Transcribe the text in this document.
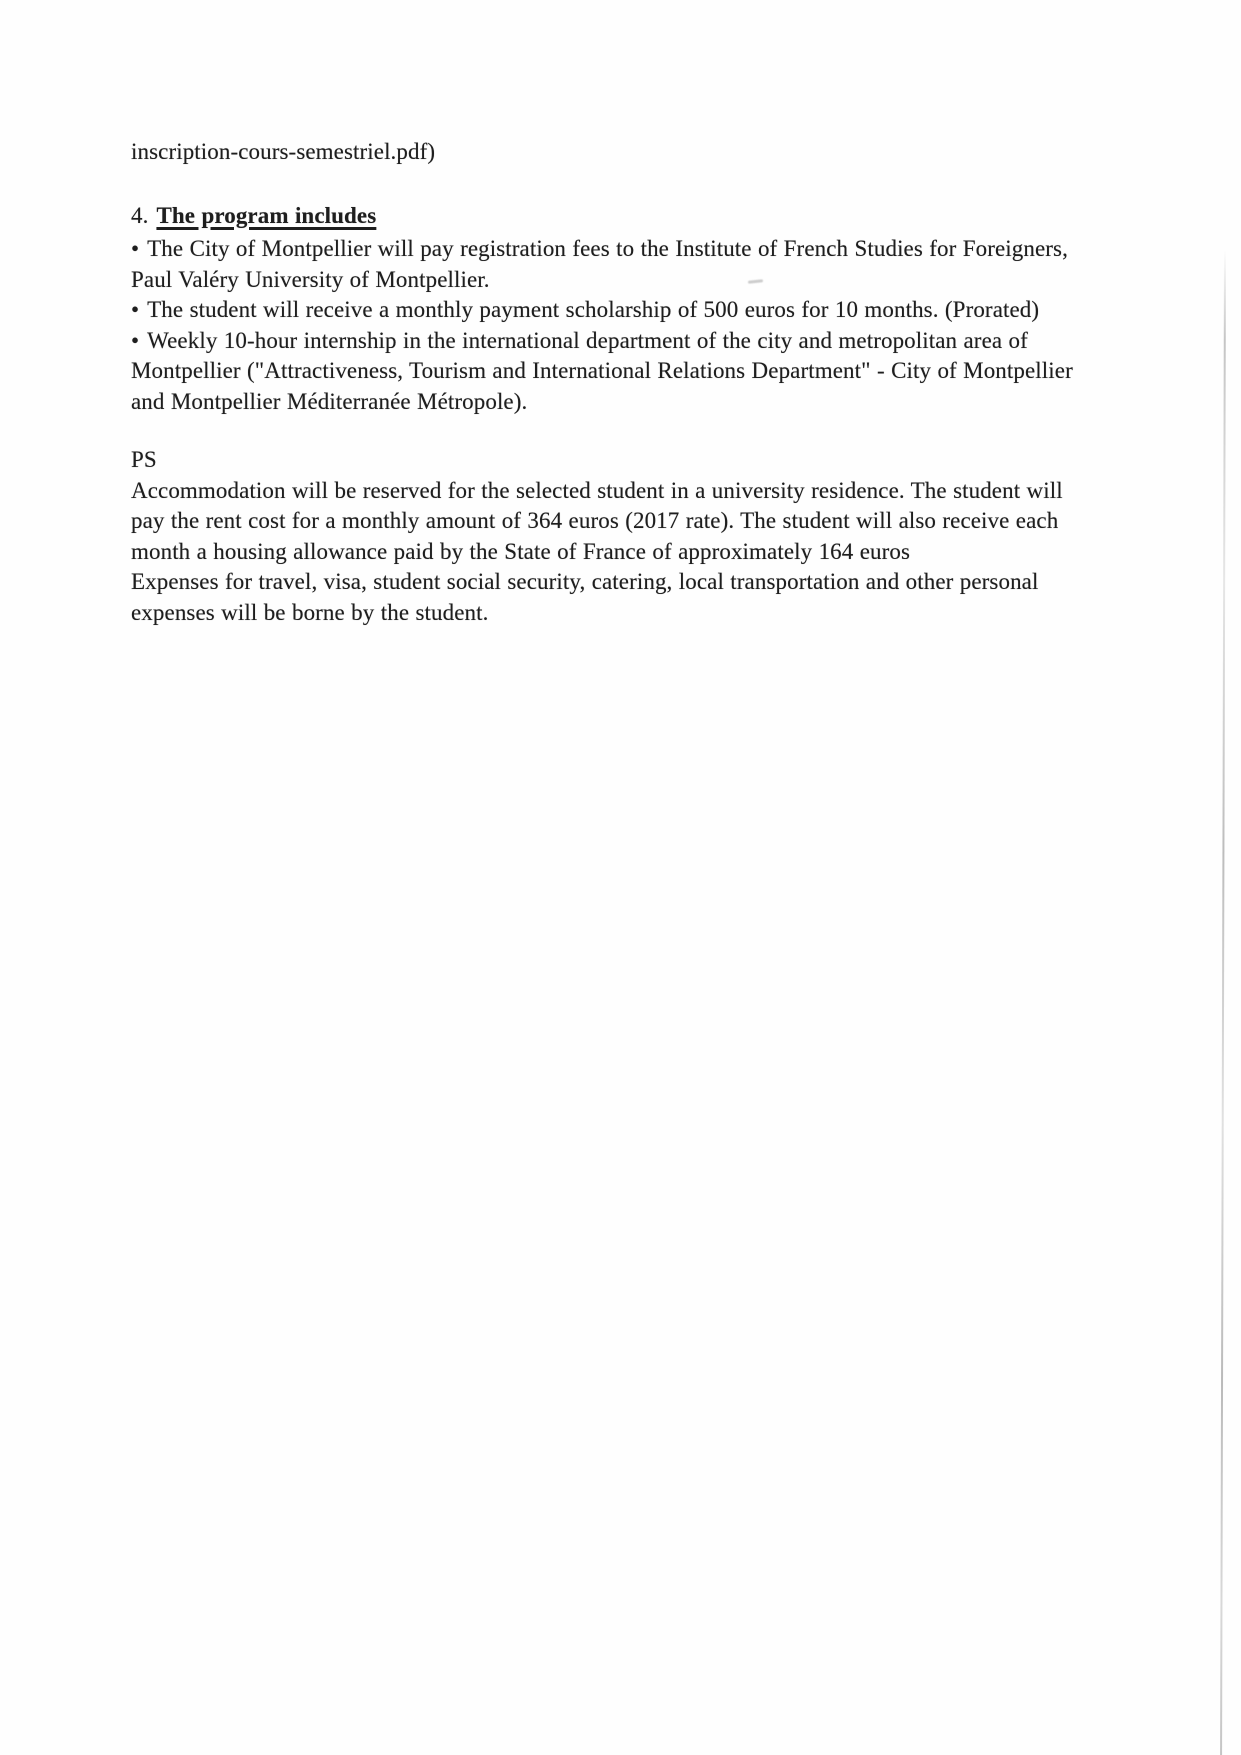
inscription-cours-semestriel.pdf)
4. The program includes
• The City of Montpellier will pay registration fees to the Institute of French Studies for Foreigners,
Paul Valéry University of Montpellier.
• The student will receive a monthly payment scholarship of 500 euros for 10 months. (Prorated)
• Weekly 10-hour internship in the international department of the city and metropolitan area of
Montpellier ("Attractiveness, Tourism and International Relations Department" - City of Montpellier
and Montpellier Méditerranée Métropole).
PS
Accommodation will be reserved for the selected student in a university residence. The student will
pay the rent cost for a monthly amount of 364 euros (2017 rate). The student will also receive each
month a housing allowance paid by the State of France of approximately 164 euros
Expenses for travel, visa, student social security, catering, local transportation and other personal
expenses will be borne by the student.
